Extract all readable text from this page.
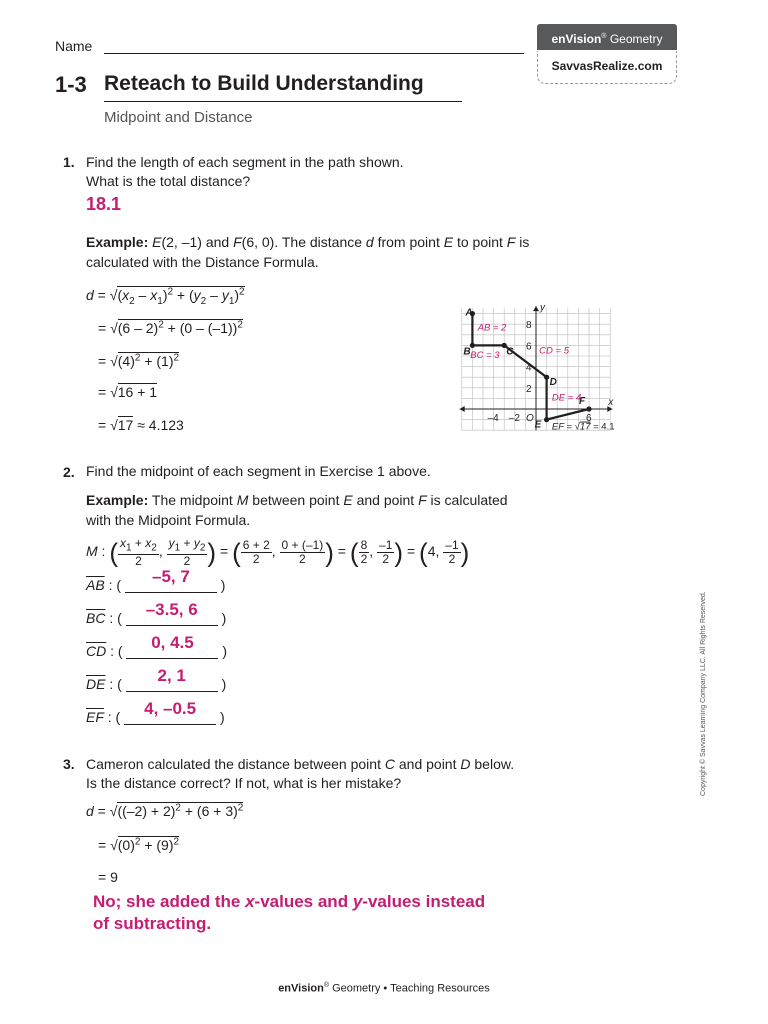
Name	enVision® Geometry
SavvasRealize.com
1-3 Reteach to Build Understanding
Midpoint and Distance
1. Find the length of each segment in the path shown.
What is the total distance?
18.1
Example: E(2, –1) and F(6, 0). The distance d from point E to point F is
calculated with the Distance Formula.
$d = √(x_2 - x_1)^2 + (y_2 - y_1)^2$
= √(6 – 2)$^2$ + (0 – (–1))$^2$
= $√(4)^2 + (1)^2$
= √16 + 1
= √17 ≈ 4.123
A
B	C
D
E
F
O
x
y
–4 –2	6
8
6
4
2
AB = 2
BC = 3	CD = 5
DE = 4
EF = √17 = 4.1
2. Find the midpoint of each segment in Exercise 1 above.
Example: The midpoint M between point E and point F is calculated
with the Midpoint Formula.
M : ( $\frac{x_1 + x_2}{2}$ , $\frac{y_1 + y_2}{2}$ ) = ( $\frac{6 + 2}{2}$ , $\frac{0 + (-1)}{2}$ ) = ( $\frac{8}{2}$ , $\frac{-1}{2}$ ) = (4, $\frac{-1}{2}$ )
$\overline{AB}$ : ( –5, 7 )
$\overline{BC}$ : ( –3.5, 6 )
$\overline{CD}$ : ( 0, 4.5 )
$\overline{DE}$ : ( 2, 1 )
$\overline{EF}$ : ( 4, –0.5 )
3. Cameron calculated the distance between point C and point D below.
Is the distance correct? If not, what is her mistake?
$d = √((-2) + 2)^2 + (6 + 3)^2$
= $√(0)^2 + (9)^2$
= 9
No; she added the x-values and y-values instead
of subtracting.
Copyright © Savvas Learning Company LLC. All Rights Reserved.
enVision® Geometry • Teaching Resources
